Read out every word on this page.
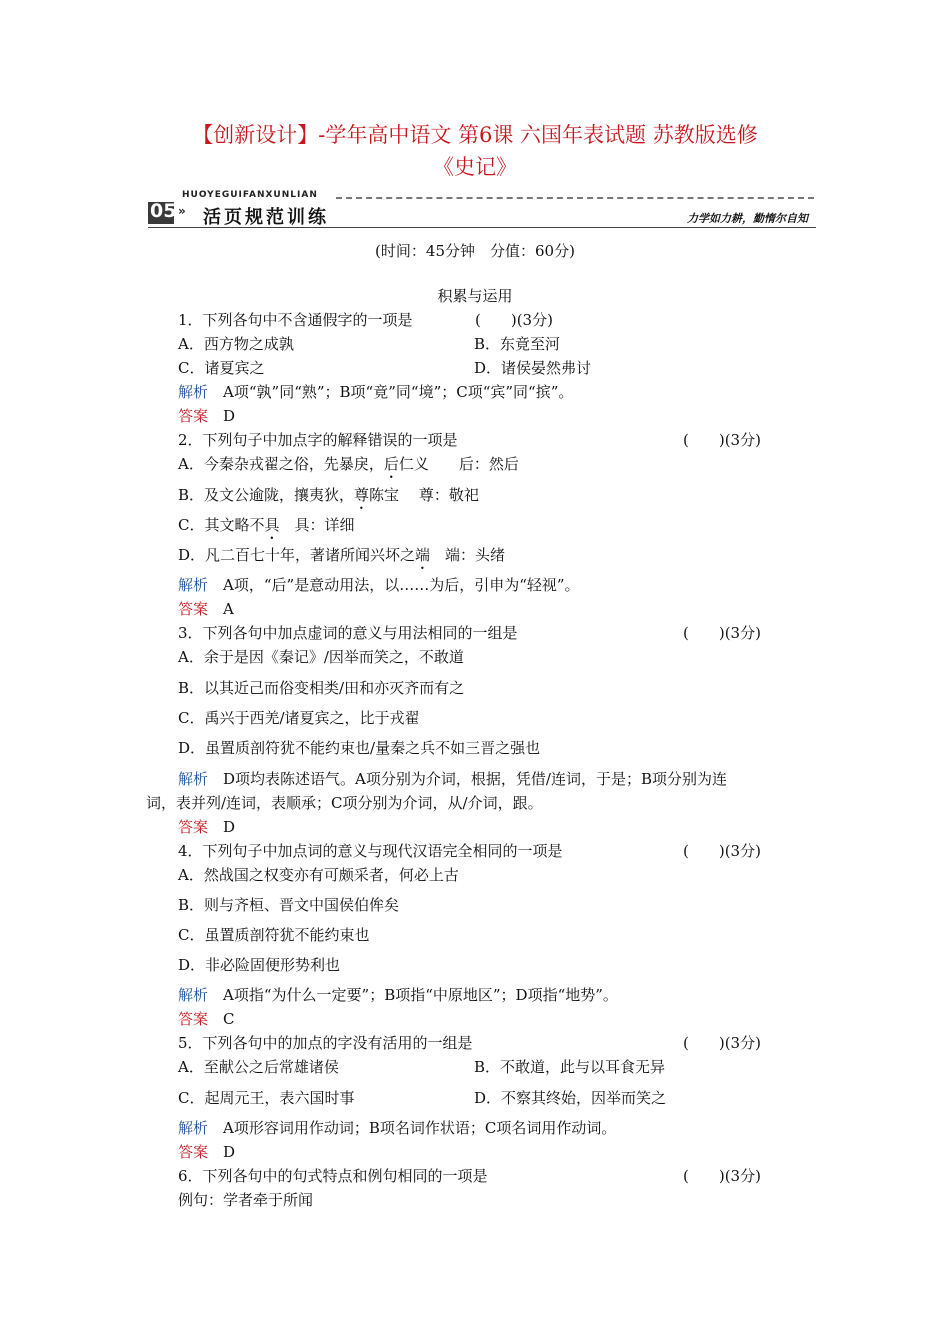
【创新设计】-学年高中语文 第6课 六国年表试题 苏教版选修
《史记》
HUOYEGUIFANXUNLIAN
05 » 活页规范训练	力学如力耕，勤惰尔自知
(时间：45分钟　分值：60分)
积累与运用
1．下列各句中不含通假字的一项是	(　　)(3分)
A．西方物之成孰	B．东竟至河
C．诸夏宾之	D．诸侯晏然弗讨
解析　 A项“孰”同“熟”；B项“竟”同“境”；C项“宾”同“摈”。
答案　 D
2．下列句子中加点字的解释错误的一项是	(　　)(3分)
A．今秦杂戎翟之俗，先暴戾，后仁义　　后：然后
B．及文公逾陇，攘夷狄，尊陈宝　 尊：敬祀
C．其文略不具　具：详细
D．凡二百七十年，著诸所闻兴坏之端　端：头绪
解析　 A项，“后”是意动用法，以……为后，引申为“轻视”。
答案　 A
3．下列各句中加点虚词的意义与用法相同的一组是	(　　)(3分)
A．余于是因《秦记》/因举而笑之，不敢道
B．以其近己而俗变相类/田和亦灭齐而有之
C．禹兴于西羌/诸夏宾之，比于戎翟
D．虽置质剖符犹不能约束也/量秦之兵不如三晋之强也
解析　 D项均表陈述语气。A项分别为介词，根据，凭借/连词，于是；B项分别为连
词，表并列/连词，表顺承；C项分别为介词，从/介词，跟。
答案　 D
4．下列句子中加点词的意义与现代汉语完全相同的一项是	(　　)(3分)
A．然战国之权变亦有可颇采者，何必上古
B．则与齐桓、晋文中国侯伯侔矣
C．虽置质剖符犹不能约束也
D．非必险固便形势利也
解析　 A项指“为什么一定要”；B项指“中原地区”；D项指“地势”。
答案　 C
5．下列各句中的加点的字没有活用的一组是	(　　)(3分)
A．至献公之后常雄诸侯	B．不敢道，此与以耳食无异
C．起周元王，表六国时事	D．不察其终始，因举而笑之
解析　 A项形容词用作动词；B项名词作状语；C项名词用作动词。
答案　 D
6．下列各句中的句式特点和例句相同的一项是	(　　)(3分)
例句：学者牵于所闻
